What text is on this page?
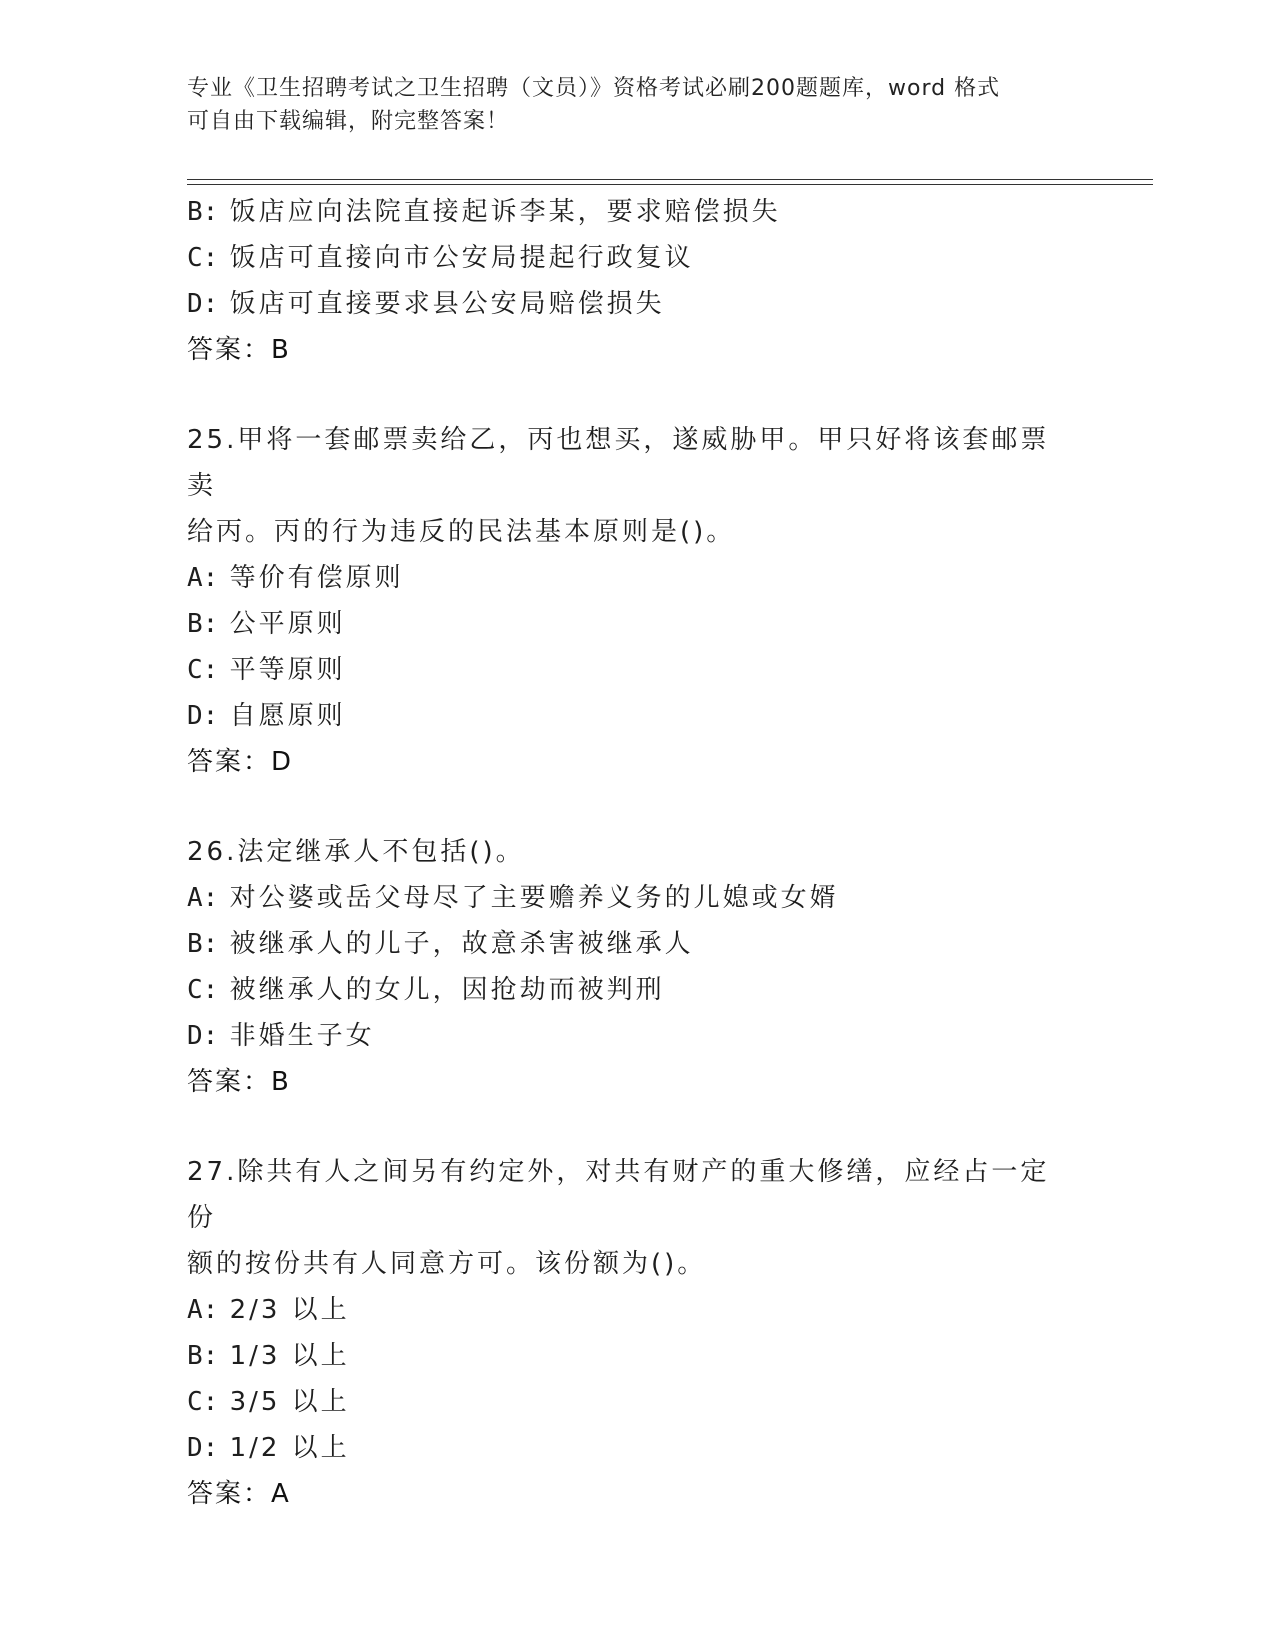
专业《卫生招聘考试之卫生招聘（文员）》资格考试必刷200题题库，word 格式
可自由下载编辑，附完整答案！
B: 饭店应向法院直接起诉李某，要求赔偿损失
C: 饭店可直接向市公安局提起行政复议
D: 饭店可直接要求县公安局赔偿损失
答案：B
25.甲将一套邮票卖给乙，丙也想买，遂威胁甲。甲只好将该套邮票卖
给丙。丙的行为违反的民法基本原则是()。
A: 等价有偿原则
B: 公平原则
C: 平等原则
D: 自愿原则
答案：D
26.法定继承人不包括()。
A: 对公婆或岳父母尽了主要赡养义务的儿媳或女婿
B: 被继承人的儿子，故意杀害被继承人
C: 被继承人的女儿，因抢劫而被判刑
D: 非婚生子女
答案：B
27.除共有人之间另有约定外，对共有财产的重大修缮，应经占一定份
额的按份共有人同意方可。该份额为()。
A: 2/3 以上
B: 1/3 以上
C: 3/5 以上
D: 1/2 以上
答案：A
